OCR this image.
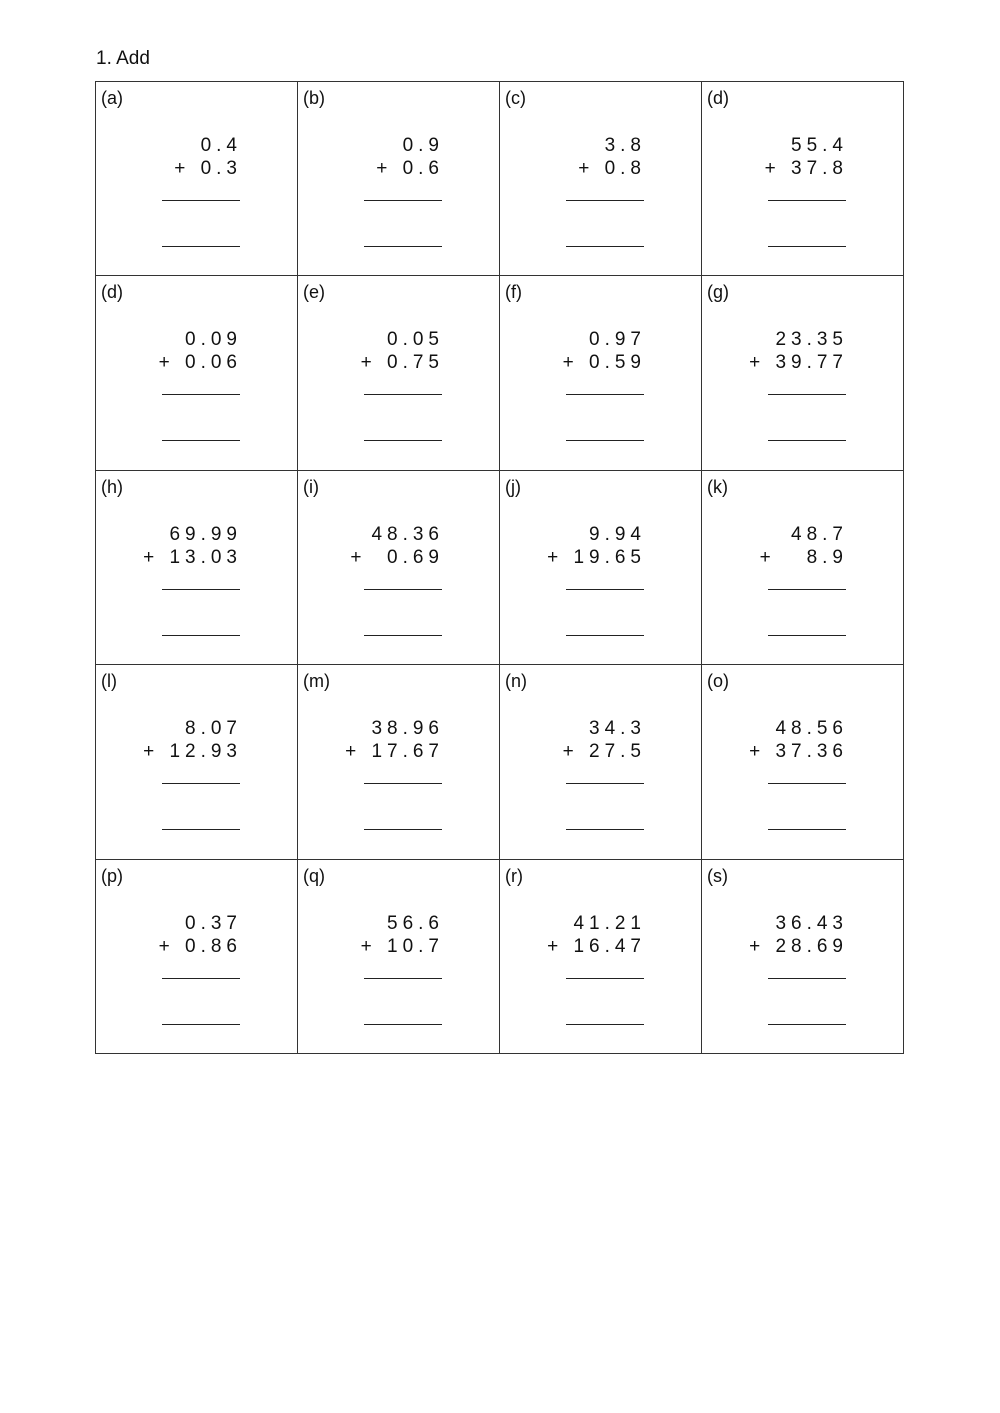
1. Add
(a)
0.4
+ 0.3
(b)
0.9
+ 0.6
(c)
3.8
+ 0.8
(d)
55.4
+ 37.8
(d)
0.09
+ 0.06
(e)
0.05
+ 0.75
(f)
0.97
+ 0.59
(g)
23.35
+ 39.77
(h)
69.99
+ 13.03
(i)
48.36
+  0.69
(j)
9.94
+ 19.65
(k)
48.7
+   8.9
(l)
8.07
+ 12.93
(m)
38.96
+ 17.67
(n)
34.3
+ 27.5
(o)
48.56
+ 37.36
(p)
0.37
+ 0.86
(q)
56.6
+ 10.7
(r)
41.21
+ 16.47
(s)
36.43
+ 28.69
